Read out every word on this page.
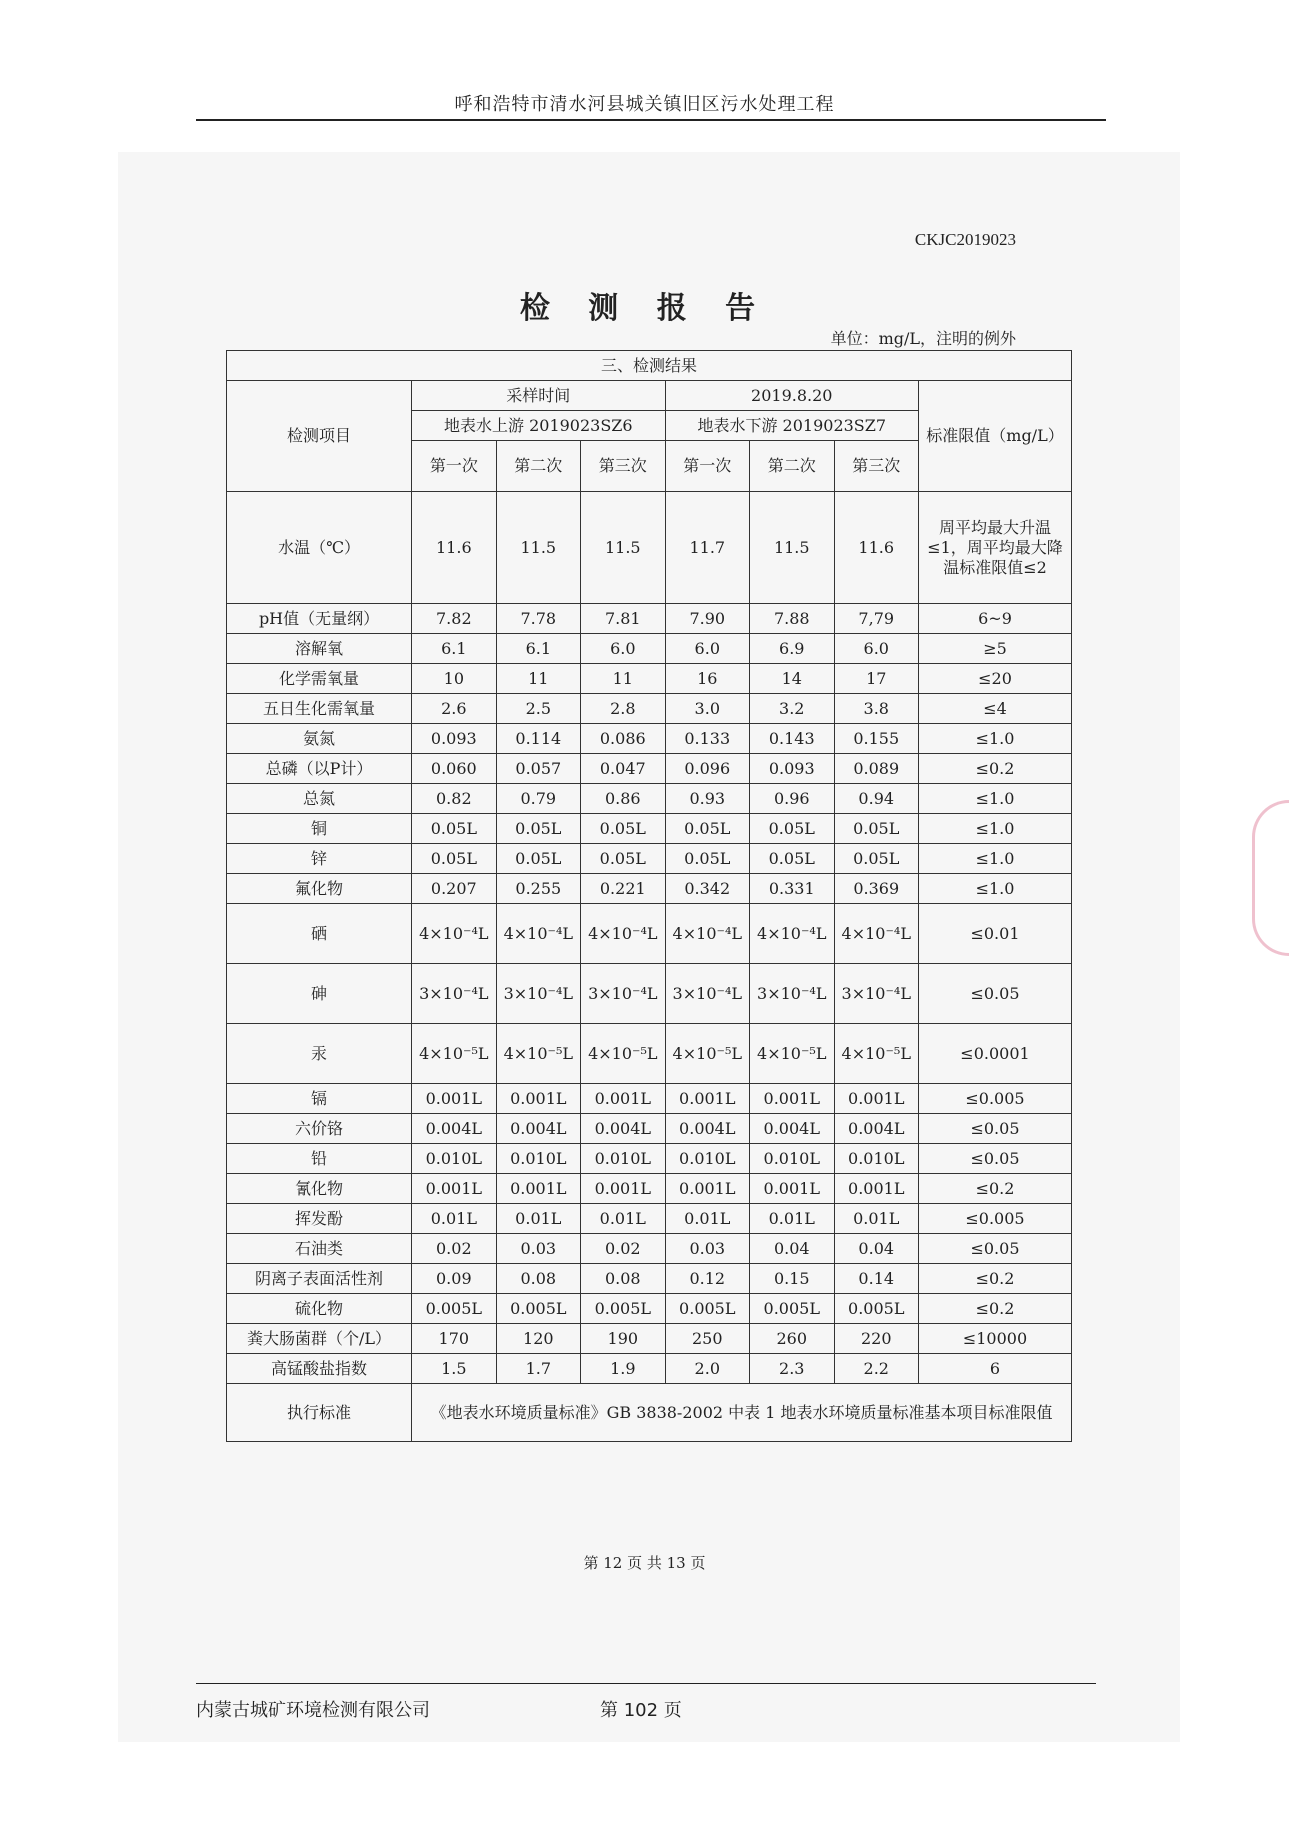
呼和浩特市清水河县城关镇旧区污水处理工程
CKJC2019023
检 测 报 告
单位：mg/L，注明的例外
三、检测结果							
检测项目	采样时间			2019.8.20			标准限值（mg/L）
	地表水上游 2019023SZ6			地表水下游 2019023SZ7			
	第一次	第二次	第三次	第一次	第二次	第三次	
水温（℃）	11.6	11.5	11.5	11.7	11.5	11.6	周平均最大升温≤1，周平均最大降温标准限值≤2
pH值（无量纲）	7.82	7.78	7.81	7.90	7.88	7,79	6~9
溶解氧	6.1	6.1	6.0	6.0	6.9	6.0	≥5
化学需氧量	10	11	11	16	14	17	≤20
五日生化需氧量	2.6	2.5	2.8	3.0	3.2	3.8	≤4
氨氮	0.093	0.114	0.086	0.133	0.143	0.155	≤1.0
总磷（以P计）	0.060	0.057	0.047	0.096	0.093	0.089	≤0.2
总氮	0.82	0.79	0.86	0.93	0.96	0.94	≤1.0
铜	0.05L	0.05L	0.05L	0.05L	0.05L	0.05L	≤1.0
锌	0.05L	0.05L	0.05L	0.05L	0.05L	0.05L	≤1.0
氟化物	0.207	0.255	0.221	0.342	0.331	0.369	≤1.0
硒	4×10⁻⁴L	4×10⁻⁴L	4×10⁻⁴L	4×10⁻⁴L	4×10⁻⁴L	4×10⁻⁴L	≤0.01
砷	3×10⁻⁴L	3×10⁻⁴L	3×10⁻⁴L	3×10⁻⁴L	3×10⁻⁴L	3×10⁻⁴L	≤0.05
汞	4×10⁻⁵L	4×10⁻⁵L	4×10⁻⁵L	4×10⁻⁵L	4×10⁻⁵L	4×10⁻⁵L	≤0.0001
镉	0.001L	0.001L	0.001L	0.001L	0.001L	0.001L	≤0.005
六价铬	0.004L	0.004L	0.004L	0.004L	0.004L	0.004L	≤0.05
铅	0.010L	0.010L	0.010L	0.010L	0.010L	0.010L	≤0.05
氰化物	0.001L	0.001L	0.001L	0.001L	0.001L	0.001L	≤0.2
挥发酚	0.01L	0.01L	0.01L	0.01L	0.01L	0.01L	≤0.005
石油类	0.02	0.03	0.02	0.03	0.04	0.04	≤0.05
阴离子表面活性剂	0.09	0.08	0.08	0.12	0.15	0.14	≤0.2
硫化物	0.005L	0.005L	0.005L	0.005L	0.005L	0.005L	≤0.2
粪大肠菌群（个/L）	170	120	190	250	260	220	≤10000
高锰酸盐指数	1.5	1.7	1.9	2.0	2.3	2.2	6
执行标准	《地表水环境质量标准》GB 3838-2002 中表 1 地表水环境质量标准基本项目标准限值						
第 12 页 共 13 页
内蒙古城矿环境检测有限公司	第 102 页
